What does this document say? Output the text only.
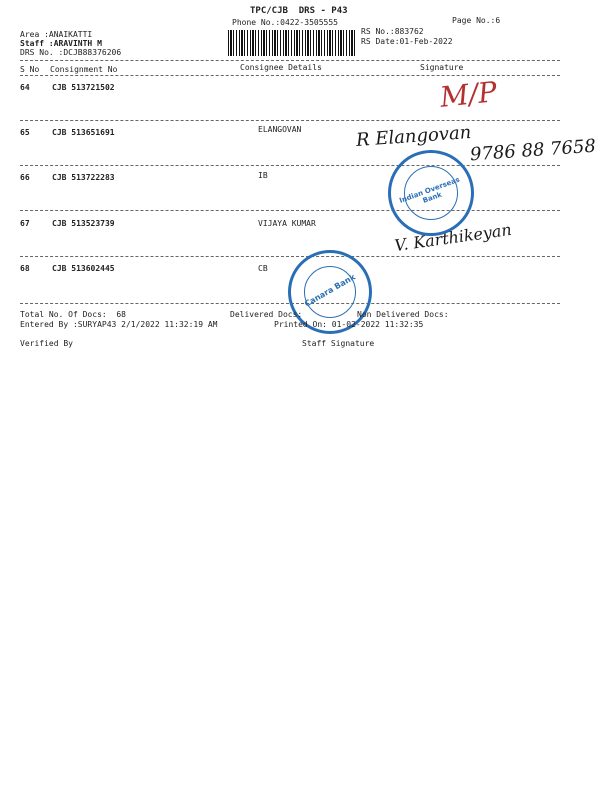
TPC/CJB  DRS - P43
Phone No.:0422-3505555
RS No.:883762
Page No.:6
RS Date:01-Feb-2022
Area :ANAIKATTI
Staff :ARAVINTH M
DRS No. :DCJB88376206
S No Consignment No	Consignee Details	Signature
64	CJB 513721502
65	CJB 513651691	ELANGOVAN
66	CJB 513722283	IB
67	CJB 513523739	VIJAYA KUMAR
68	CJB 513602445	CB
M/P
R Elangovan
9786 88 7658
V. Karthikeyan
Indian Overseas Bank
Canara Bank
Total No. Of Docs:  68	Delivered Docs:	Non Delivered Docs:
Entered By :SURYAP43 2/1/2022 11:32:19 AM	Printed On: 01-02-2022 11:32:35
Verified By	Staff Signature
